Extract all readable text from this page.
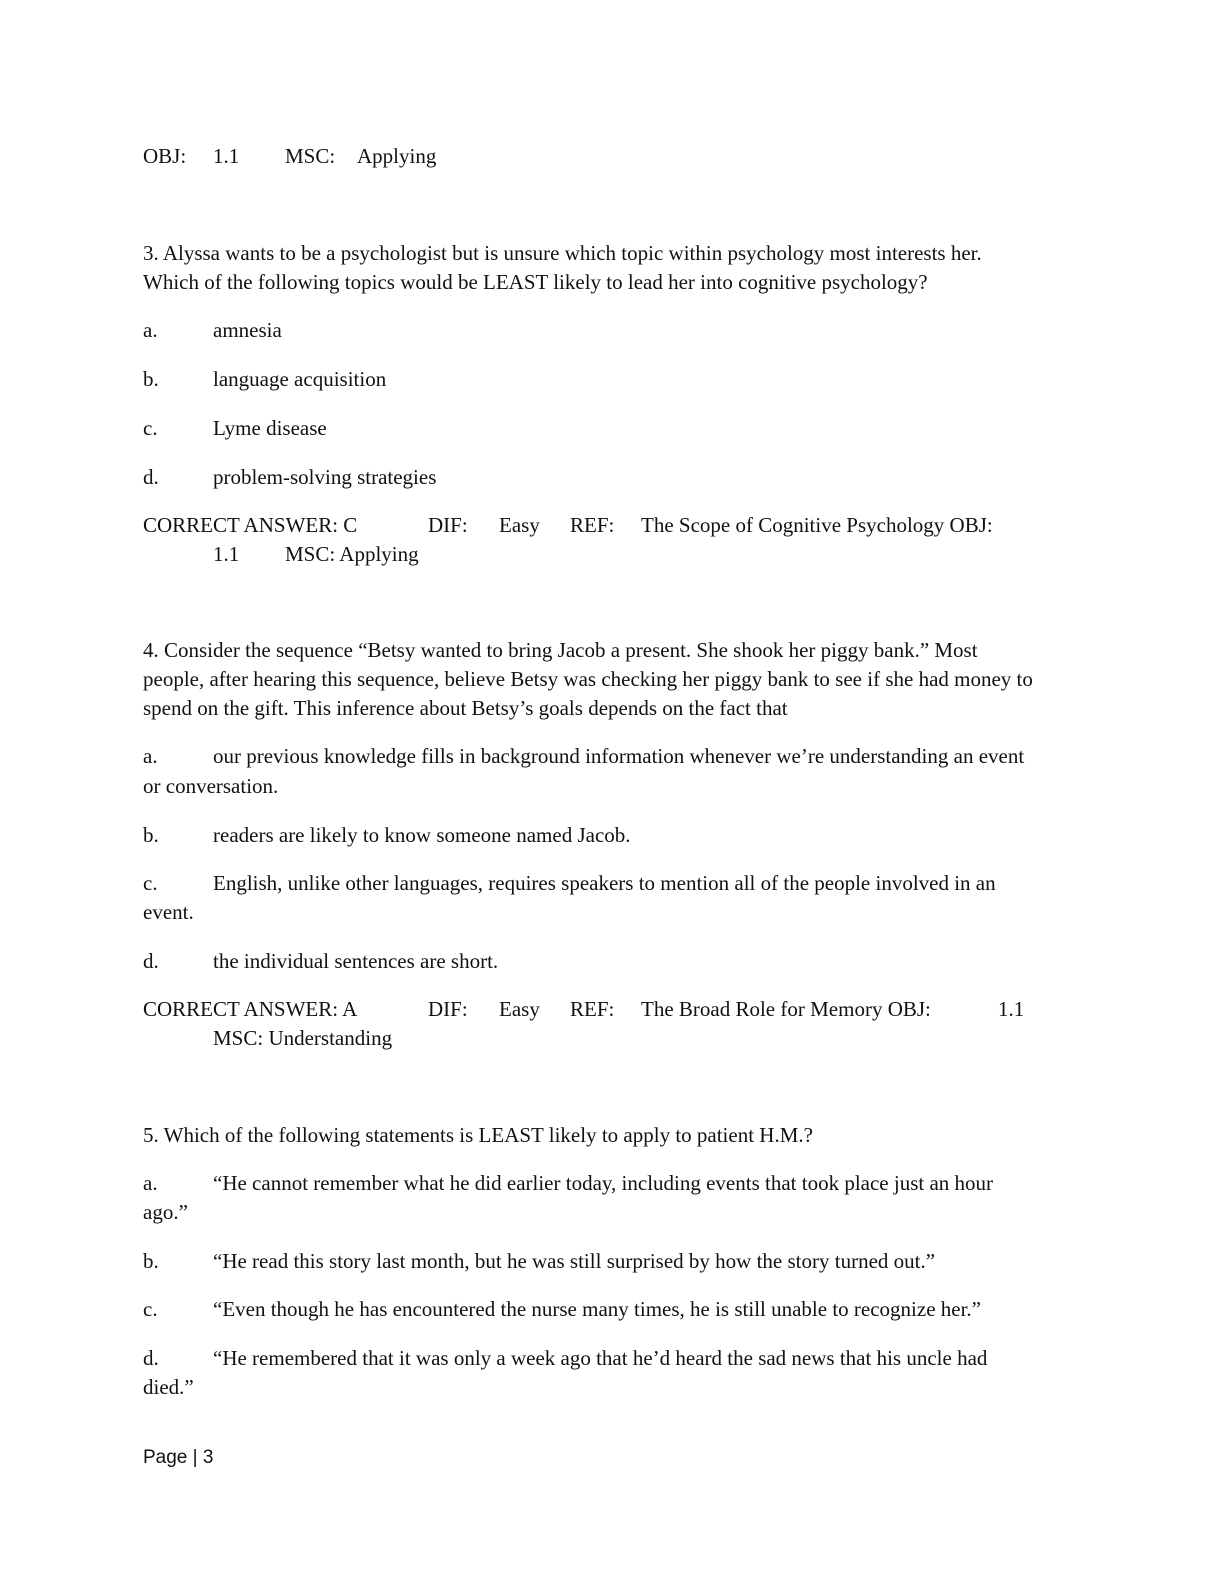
OBJ: 1.1 MSC: Applying
3. Alyssa wants to be a psychologist but is unsure which topic within psychology most interests her.
Which of the following topics would be LEAST likely to lead her into cognitive psychology?
a.	amnesia
b.	language acquisition
c.	Lyme disease
d.	problem-solving strategies
CORRECT ANSWER: C	DIF: Easy REF: The Scope of Cognitive Psychology OBJ:
1.1 MSC: Applying
4. Consider the sequence “Betsy wanted to bring Jacob a present. She shook her piggy bank.” Most
people, after hearing this sequence, believe Betsy was checking her piggy bank to see if she had money to
spend on the gift. This inference about Betsy’s goals depends on the fact that
a.	our previous knowledge fills in background information whenever we’re understanding an event
or conversation.
b.	readers are likely to know someone named Jacob.
c.	English, unlike other languages, requires speakers to mention all of the people involved in an
event.
d.	the individual sentences are short.
CORRECT ANSWER: A	DIF: Easy REF: The Broad Role for Memory OBJ:	1.1
MSC: Understanding
5. Which of the following statements is LEAST likely to apply to patient H.M.?
a.	“He cannot remember what he did earlier today, including events that took place just an hour
ago.”
b.	“He read this story last month, but he was still surprised by how the story turned out.”
c.	“Even though he has encountered the nurse many times, he is still unable to recognize her.”
d.	“He remembered that it was only a week ago that he’d heard the sad news that his uncle had
died.”
Page | 3
